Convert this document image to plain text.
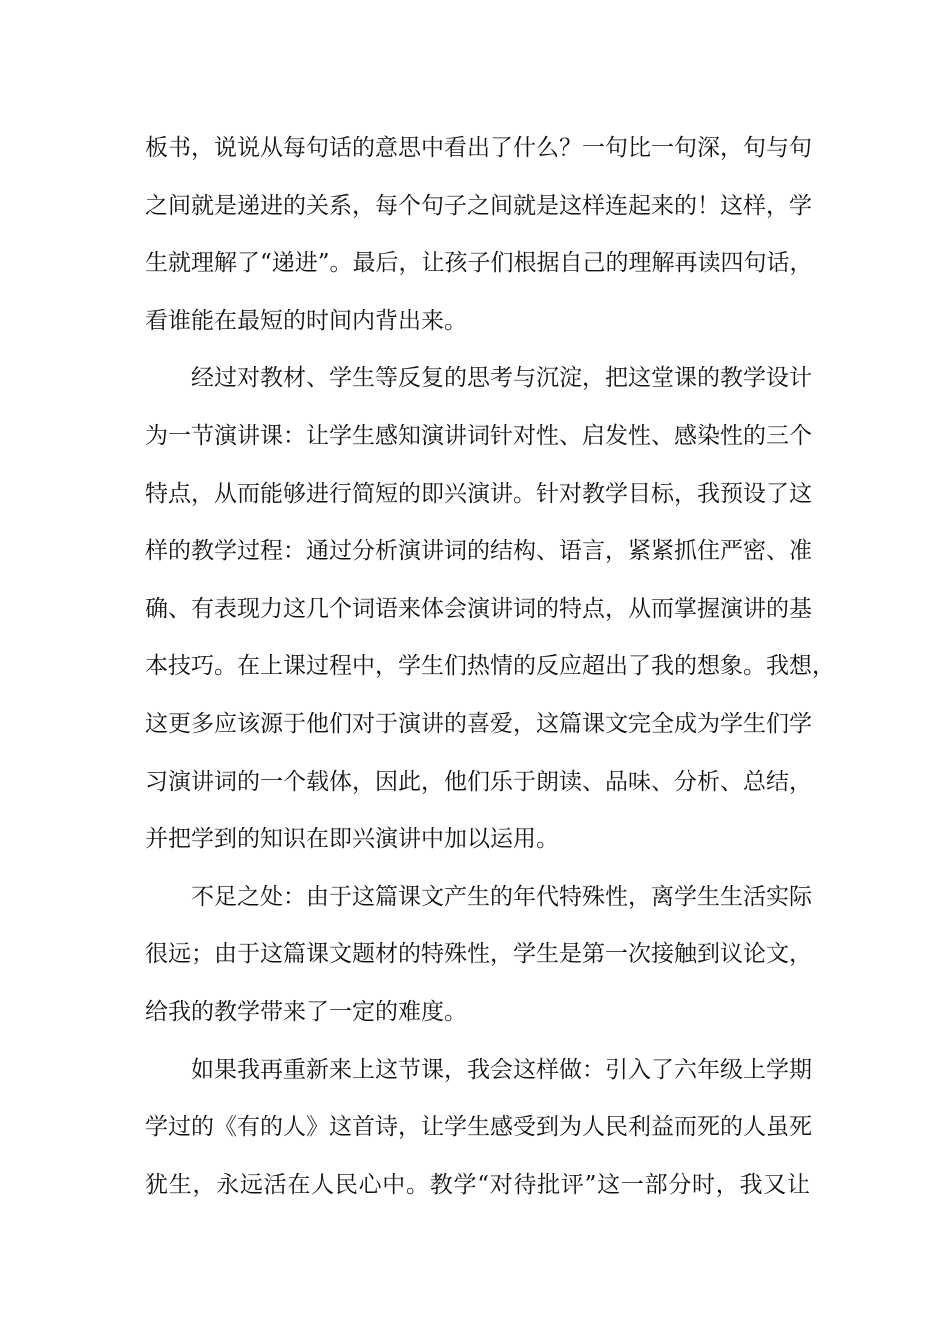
板书，说说从每句话的意思中看出了什么？一句比一句深，句与句
之间就是递进的关系，每个句子之间就是这样连起来的！这样，学
生就理解了“递进”。最后，让孩子们根据自己的理解再读四句话，
看谁能在最短的时间内背出来。
经过对教材、学生等反复的思考与沉淀，把这堂课的教学设计
为一节演讲课：让学生感知演讲词针对性、启发性、感染性的三个
特点，从而能够进行简短的即兴演讲。针对教学目标，我预设了这
样的教学过程：通过分析演讲词的结构、语言，紧紧抓住严密、准
确、有表现力这几个词语来体会演讲词的特点，从而掌握演讲的基
本技巧。在上课过程中，学生们热情的反应超出了我的想象。我想，
这更多应该源于他们对于演讲的喜爱，这篇课文完全成为学生们学
习演讲词的一个载体，因此，他们乐于朗读、品味、分析、总结，
并把学到的知识在即兴演讲中加以运用。
不足之处：由于这篇课文产生的年代特殊性，离学生生活实际
很远；由于这篇课文题材的特殊性，学生是第一次接触到议论文，
给我的教学带来了一定的难度。
如果我再重新来上这节课，我会这样做：引入了六年级上学期
学过的《有的人》这首诗，让学生感受到为人民利益而死的人虽死
犹生，永远活在人民心中。教学“对待批评”这一部分时，我又让
